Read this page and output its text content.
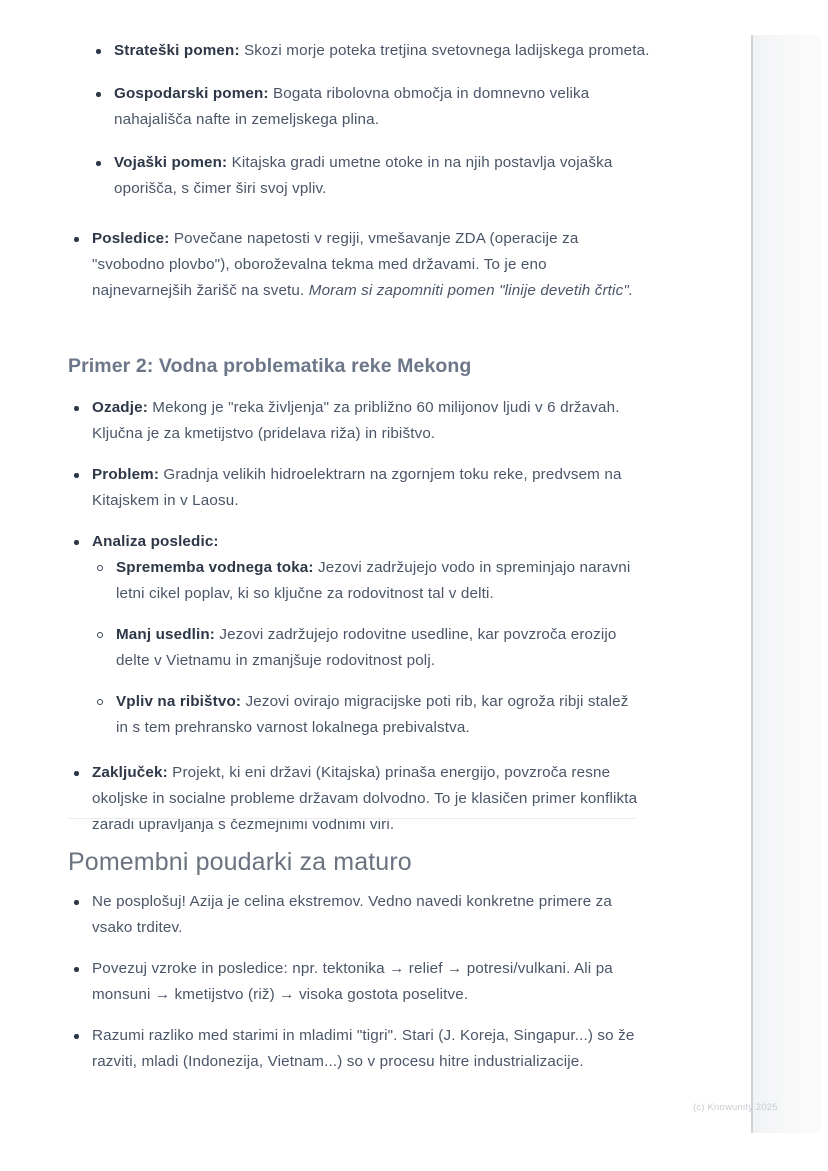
Strateški pomen: Skozi morje poteka tretjina svetovnega ladijskega prometa.
Gospodarski pomen: Bogata ribolovna območja in domnevno velika nahajališča nafte in zemeljskega plina.
Vojaški pomen: Kitajska gradi umetne otoke in na njih postavlja vojaška oporišča, s čimer širi svoj vpliv.
Posledice: Povečane napetosti v regiji, vmešavanje ZDA (operacije za "svobodno plovbo"), oboroževalna tekma med državami. To je eno najnevarnejših žarišč na svetu. Moram si zapomniti pomen "linije devetih črtic".
Primer 2: Vodna problematika reke Mekong
Ozadje: Mekong je "reka življenja" za približno 60 milijonov ljudi v 6 državah. Ključna je za kmetijstvo (pridelava riža) in ribištvo.
Problem: Gradnja velikih hidroelektrarn na zgornjem toku reke, predvsem na Kitajskem in v Laosu.
Analiza posledic:
Sprememba vodnega toka: Jezovi zadržujejo vodo in spreminjajo naravni letni cikel poplav, ki so ključne za rodovitnost tal v delti.
Manj usedlin: Jezovi zadržujejo rodovitne usedline, kar povzroča erozijo delte v Vietnamu in zmanjšuje rodovitnost polj.
Vpliv na ribištvo: Jezovi ovirajo migracijske poti rib, kar ogroža ribji stalež in s tem prehransko varnost lokalnega prebivalstva.
Zaključek: Projekt, ki eni državi (Kitajska) prinaša energijo, povzroča resne okoljske in socialne probleme državam dolvodno. To je klasičen primer konflikta zaradi upravljanja s čezmejnimi vodnimi viri.
Pomembni poudarki za maturo
Ne posplošuj! Azija je celina ekstremov. Vedno navedi konkretne primere za vsako trditev.
Povezuj vzroke in posledice: npr. tektonika → relief → potresi/vulkani. Ali pa monsuni → kmetijstvo (riž) → visoka gostota poselitve.
Razumi razliko med starimi in mladimi "tigri". Stari (J. Koreja, Singapur...) so že razviti, mladi (Indonezija, Vietnam...) so v procesu hitre industrializacije.
(c) Knowunity 2025
